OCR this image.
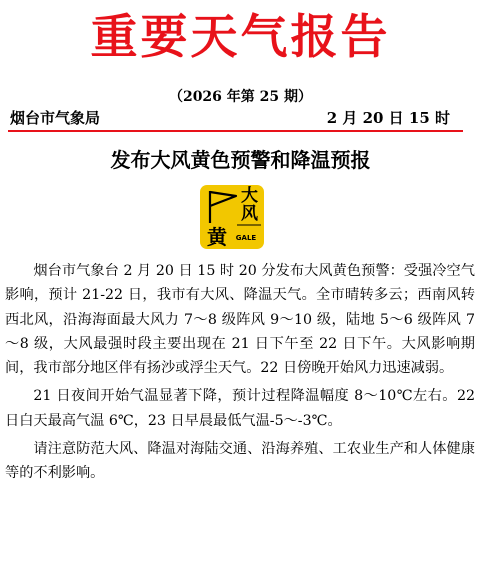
重要天气报告
（2026 年第 25 期）
烟台市气象局	2 月 20 日 15 时
发布大风黄色预警和降温预报
大
风
黄	GALE

烟台市气象台 2 月 20 日 15 时 20 分发布大风黄色预警：受强冷空气影响，预计 21-22 日，我市有大风、降温天气。全市晴转多云；西南风转西北风，沿海海面最大风力 7～8 级阵风 9～10 级，陆地 5～6 级阵风 7～8 级，大风最强时段主要出现在 21 日下午至 22 日下午。大风影响期间，我市部分地区伴有扬沙或浮尘天气。22 日傍晚开始风力迅速减弱。

21 日夜间开始气温显著下降，预计过程降温幅度 8～10℃左右。22 日白天最高气温 6℃，23 日早晨最低气温-5～-3℃。

请注意防范大风、降温对海陆交通、沿海养殖、工农业生产和人体健康等的不利影响。
